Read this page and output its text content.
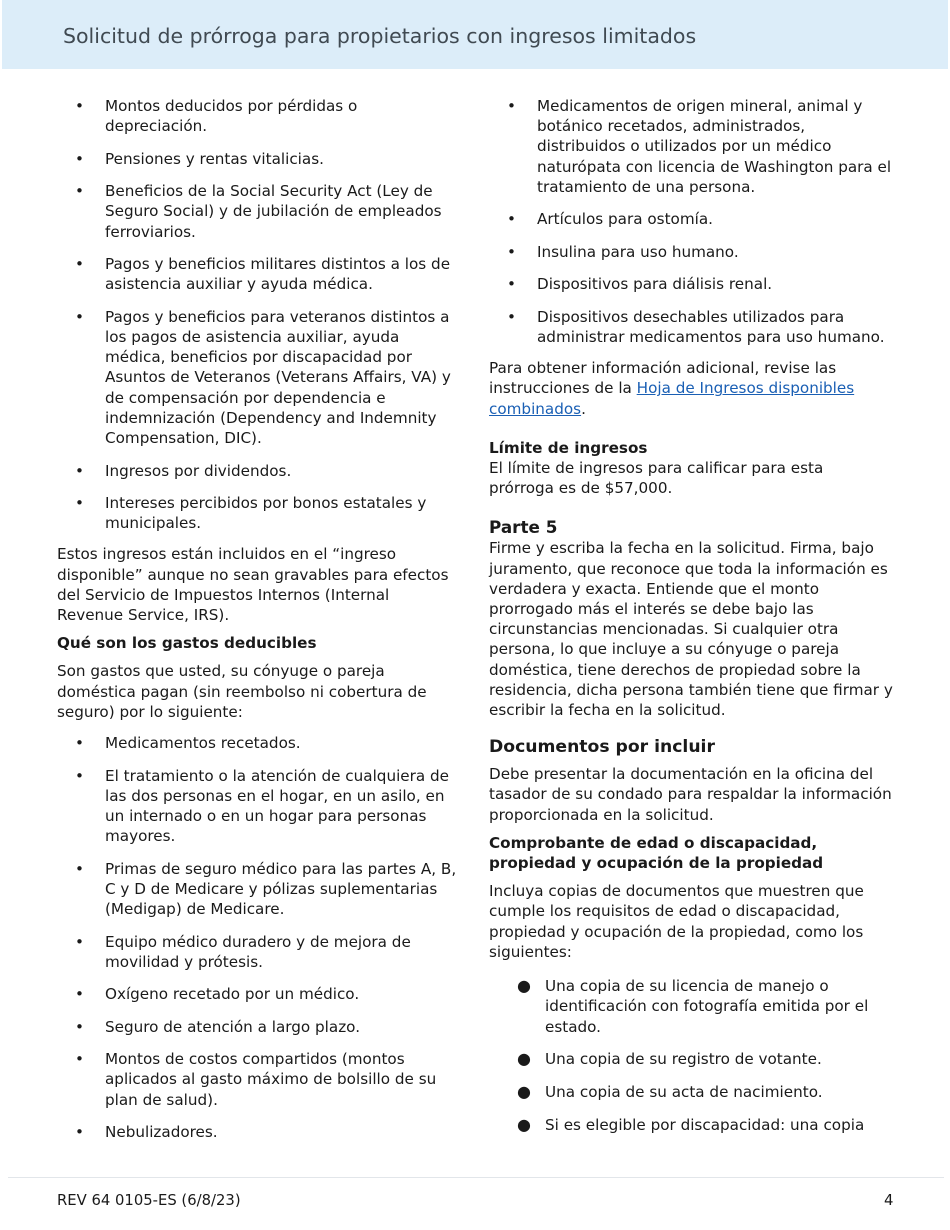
Solicitud de prórroga para propietarios con ingresos limitados
• Montos deducidos por pérdidas o depreciación.
• Pensiones y rentas vitalicias.
• Beneficios de la Social Security Act (Ley de Seguro Social) y de jubilación de empleados ferroviarios.
• Pagos y beneficios militares distintos a los de asistencia auxiliar y ayuda médica.
• Pagos y beneficios para veteranos distintos a los pagos de asistencia auxiliar, ayuda médica, beneficios por discapacidad por Asuntos de Veteranos (Veterans Affairs, VA) y de compensación por dependencia e indemnización (Dependency and Indemnity Compensation, DIC).
• Ingresos por dividendos.
• Intereses percibidos por bonos estatales y municipales.

Estos ingresos están incluidos en el “ingreso disponible” aunque no sean gravables para efectos del Servicio de Impuestos Internos (Internal Revenue Service, IRS).

Qué son los gastos deducibles

Son gastos que usted, su cónyuge o pareja doméstica pagan (sin reembolso ni cobertura de seguro) por lo siguiente:

• Medicamentos recetados.
• El tratamiento o la atención de cualquiera de las dos personas en el hogar, en un asilo, en un internado o en un hogar para personas mayores.
• Primas de seguro médico para las partes A, B, C y D de Medicare y pólizas suplementarias (Medigap) de Medicare.
• Equipo médico duradero y de mejora de movilidad y prótesis.
• Oxígeno recetado por un médico.
• Seguro de atención a largo plazo.
• Montos de costos compartidos (montos aplicados al gasto máximo de bolsillo de su plan de salud).
• Nebulizadores.
• Medicamentos de origen mineral, animal y botánico recetados, administrados, distribuidos o utilizados por un médico naturópata con licencia de Washington para el tratamiento de una persona.
• Artículos para ostomía.
• Insulina para uso humano.
• Dispositivos para diálisis renal.
• Dispositivos desechables utilizados para administrar medicamentos para uso humano.

Para obtener información adicional, revise las instrucciones de la Hoja de Ingresos disponibles combinados.

Límite de ingresos

El límite de ingresos para calificar para esta prórroga es de $57,000.

Parte 5

Firme y escriba la fecha en la solicitud. Firma, bajo juramento, que reconoce que toda la información es verdadera y exacta. Entiende que el monto prorrogado más el interés se debe bajo las circunstancias mencionadas. Si cualquier otra persona, lo que incluye a su cónyuge o pareja doméstica, tiene derechos de propiedad sobre la residencia, dicha persona también tiene que firmar y escribir la fecha en la solicitud.

Documentos por incluir

Debe presentar la documentación en la oficina del tasador de su condado para respaldar la información proporcionada en la solicitud.

Comprobante de edad o discapacidad, propiedad y ocupación de la propiedad

Incluya copias de documentos que muestren que cumple los requisitos de edad o discapacidad, propiedad y ocupación de la propiedad, como los siguientes:

● Una copia de su licencia de manejo o identificación con fotografía emitida por el estado.
● Una copia de su registro de votante.
● Una copia de su acta de nacimiento.
● Si es elegible por discapacidad: una copia
REV 64 0105-ES (6/8/23)	4
